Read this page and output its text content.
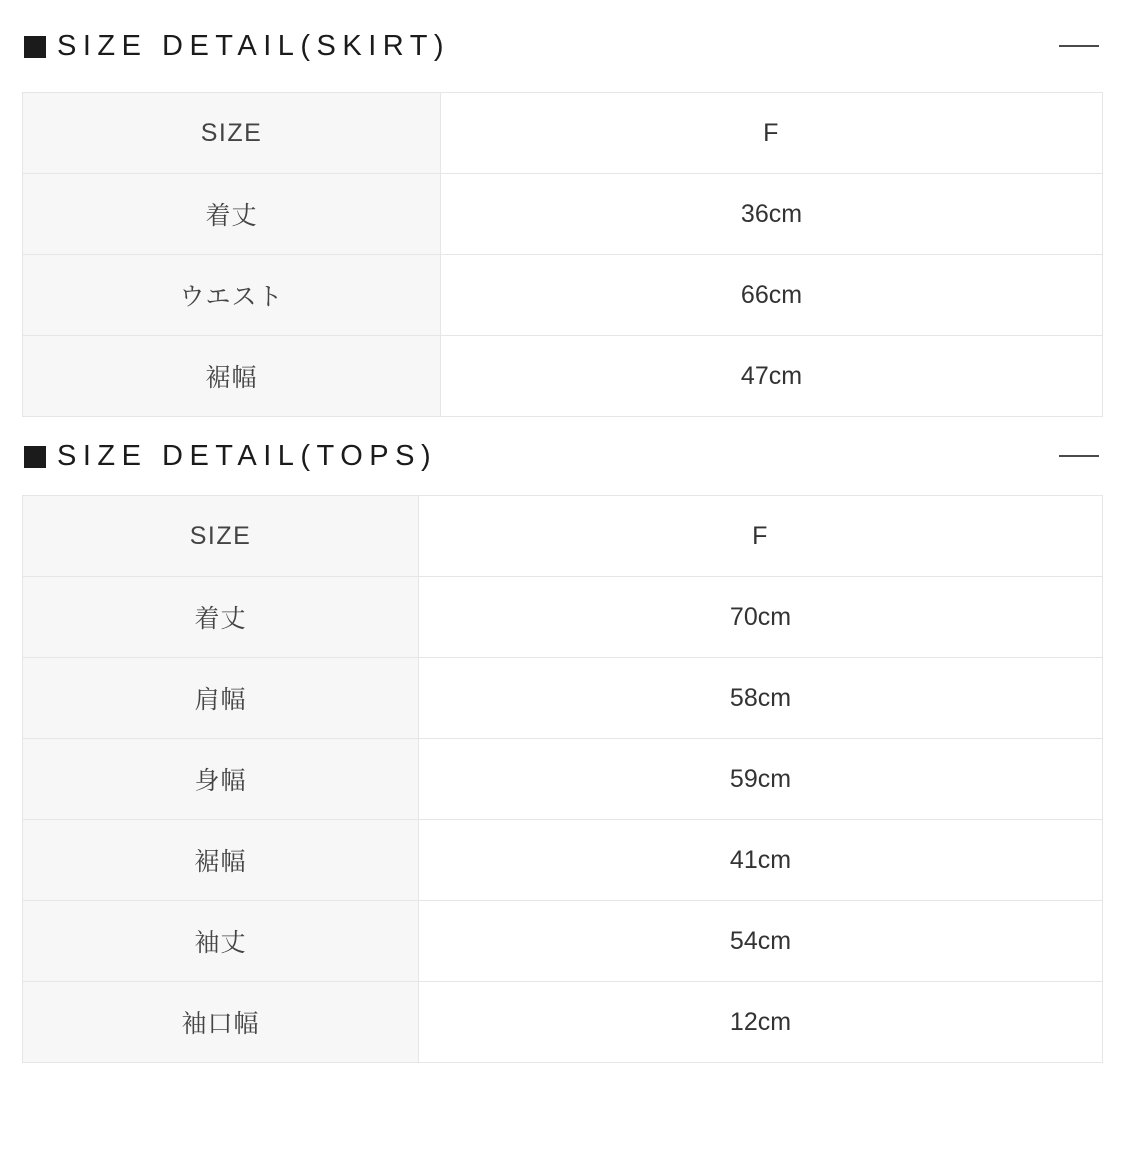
SIZE DETAIL(SKIRT)
SIZE	F
着丈	36cm
ウエスト	66cm
裾幅	47cm
SIZE DETAIL(TOPS)
SIZE	F
着丈	70cm
肩幅	58cm
身幅	59cm
裾幅	41cm
袖丈	54cm
袖口幅	12cm
